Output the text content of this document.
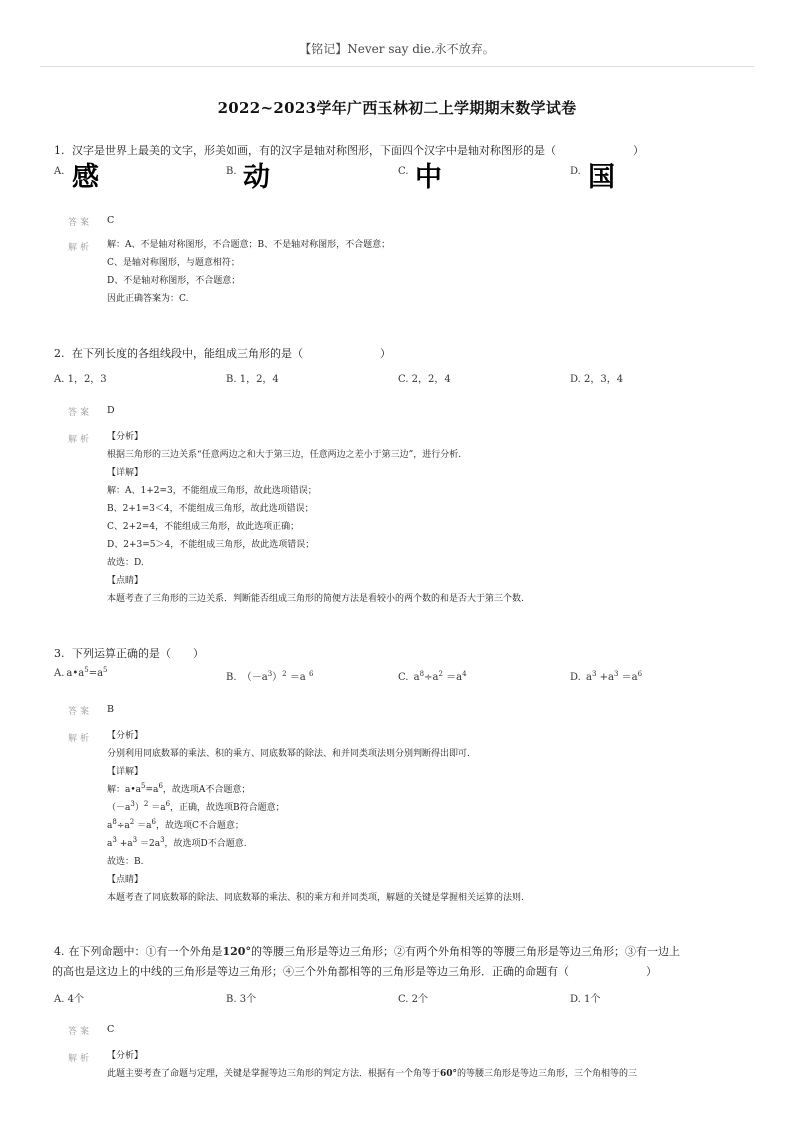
【铭记】Never say die.永不放弃。
2022~2023学年广西玉林初二上学期期末数学试卷
1. 汉字是世界上最美的文字，形美如画，有的汉字是轴对称图形，下面四个汉字中是轴对称图形的是（　　　　　　　）
A. 感	B. 动	C. 中	D. 国
答案 C
解析 解：A、不是轴对称图形，不合题意；B、不是轴对称图形，不合题意；
C、是轴对称图形，与题意相符；
D、不是轴对称图形，不合题意；
因此正确答案为：C.
2. 在下列长度的各组线段中，能组成三角形的是（　　　　　　　）
A. 1，2，3	B. 1，2，4	C. 2，2，4	D. 2，3，4
答案 D
解析 【分析】
根据三角形的三边关系“任意两边之和大于第三边，任意两边之差小于第三边”，进行分析.
【详解】
解：A、1+2=3，不能组成三角形，故此选项错误；
B、2+1=3＜4，不能组成三角形，故此选项错误；
C、2+2=4，不能组成三角形，故此选项正确；
D、2+3=5＞4，不能组成三角形，故此选项错误；
故选：D.
【点睛】
本题考查了三角形的三边关系．判断能否组成三角形的简便方法是看较小的两个数的和是否大于第三个数.
3. 下列运算正确的是（　　）
A. $a•a^5=a^5$
B. $(-a^3)^2 =a$ $^6$	C. $a^8\div a^2 =a^4$	D. $a^3 +a^3 =a^6$
答案 B
解析 【分析】
分别利用同底数幂的乘法、积的乘方、同底数幂的除法、和并同类项法则分别判断得出即可.
【详解】
解：$a•a^5=a^6$，故选项A不合题意；
$(-a^3)^2 =a^6$，正确，故选项B符合题意；
$a^8\div a^2 =a^6$，故选项C不合题意；
$a^3 +a^3 =2a^3$，故选项D不合题意.
故选：B.
【点睛】
本题考查了同底数幂的除法、同底数幂的乘法、积的乘方和并同类项，解题的关键是掌握相关运算的法则.
4. 在下列命题中：①有一个外角是120°的等腰三角形是等边三角形；②有两个外角相等的等腰三角形是等边三角形；③有一边上
的高也是这边上的中线的三角形是等边三角形；④三个外角都相等的三角形是等边三角形．正确的命题有（　　　　　　　）
A. 4个	B. 3个	C. 2个	D. 1个
答案 C
解析 【分析】
此题主要考查了命题与定理，关键是掌握等边三角形的判定方法．根据有一个角等于60°的等腰三角形是等边三角形，三个角相等的三
